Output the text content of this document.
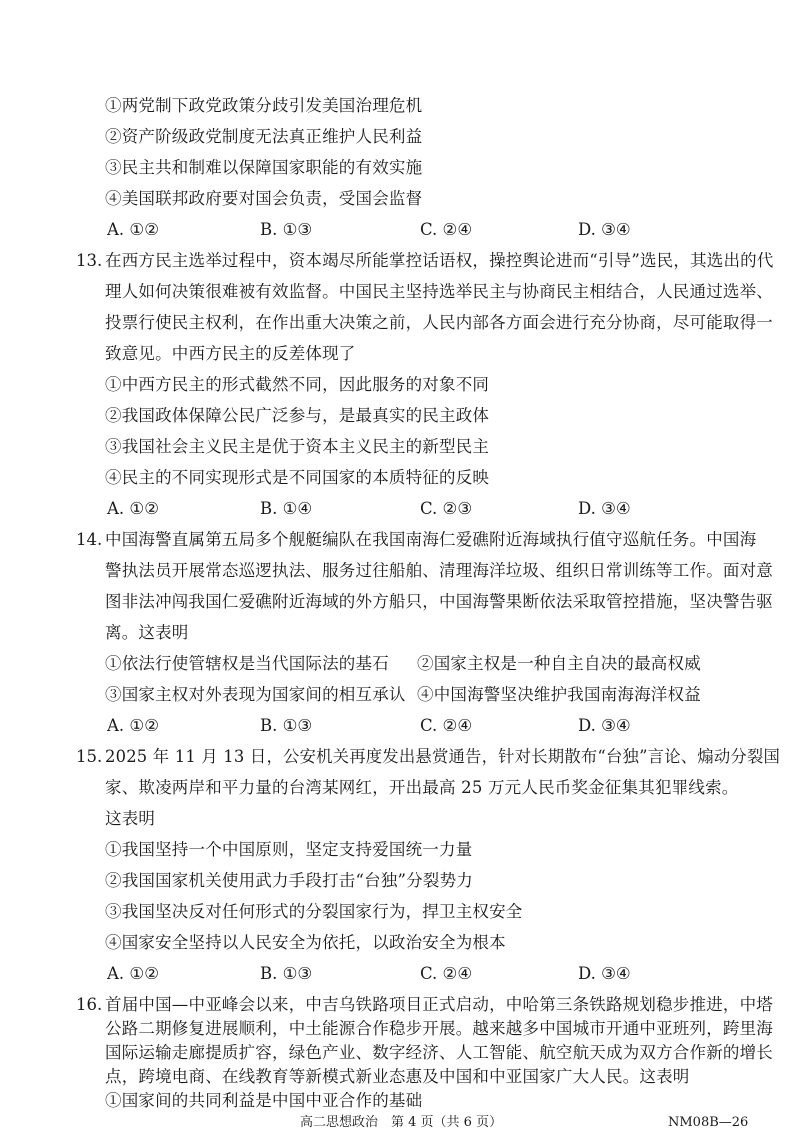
①两党制下政党政策分歧引发美国治理危机
②资产阶级政党制度无法真正维护人民利益
③民主共和制难以保障国家职能的有效实施
④美国联邦政府要对国会负责，受国会监督
A. ①②	B. ①③	C. ②④	D. ③④
13. 在西方民主选举过程中，资本竭尽所能掌控话语权，操控舆论进而“引导”选民，其选出的代
理人如何决策很难被有效监督。中国民主坚持选举民主与协商民主相结合，人民通过选举、
投票行使民主权利，在作出重大决策之前，人民内部各方面会进行充分协商，尽可能取得一
致意见。中西方民主的反差体现了
①中西方民主的形式截然不同，因此服务的对象不同
②我国政体保障公民广泛参与，是最真实的民主政体
③我国社会主义民主是优于资本主义民主的新型民主
④民主的不同实现形式是不同国家的本质特征的反映
A. ①②	B. ①④	C. ②③	D. ③④
14. 中国海警直属第五局多个舰艇编队在我国南海仁爱礁附近海域执行值守巡航任务。中国海
警执法员开展常态巡逻执法、服务过往船舶、清理海洋垃圾、组织日常训练等工作。面对意
图非法冲闯我国仁爱礁附近海域的外方船只，中国海警果断依法采取管控措施，坚决警告驱
离。这表明
①依法行使管辖权是当代国际法的基石 ②国家主权是一种自主自决的最高权威
③国家主权对外表现为国家间的相互承认 ④中国海警坚决维护我国南海海洋权益
A. ①②	B. ①③	C. ②④	D. ③④
15. 2025 年 11 月 13 日，公安机关再度发出悬赏通告，针对长期散布“台独”言论、煽动分裂国
家、欺凌两岸和平力量的台湾某网红，开出最高 25 万元人民币奖金征集其犯罪线索。
这表明
①我国坚持一个中国原则，坚定支持爱国统一力量
②我国国家机关使用武力手段打击“台独”分裂势力
③我国坚决反对任何形式的分裂国家行为，捍卫主权安全
④国家安全坚持以人民安全为依托，以政治安全为根本
A. ①②	B. ①③	C. ②④	D. ③④
16. 首届中国—中亚峰会以来，中吉乌铁路项目正式启动，中哈第三条铁路规划稳步推进，中塔
公路二期修复进展顺利，中土能源合作稳步开展。越来越多中国城市开通中亚班列，跨里海
国际运输走廊提质扩容，绿色产业、数字经济、人工智能、航空航天成为双方合作新的增长
点，跨境电商、在线教育等新模式新业态惠及中国和中亚国家广大人民。这表明
高二思想政治　第 4 页（共 6 页）	NM08B—26
①国家间的共同利益是中国中亚合作的基础
